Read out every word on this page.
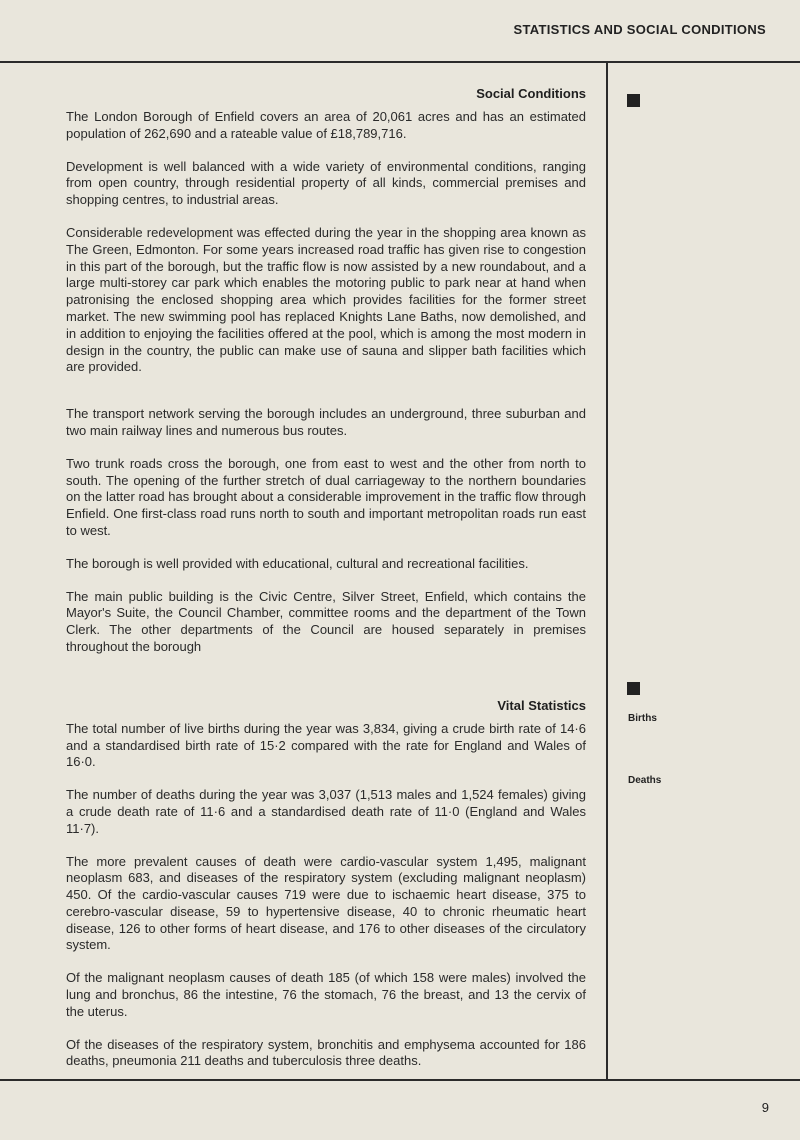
STATISTICS AND SOCIAL CONDITIONS
Social Conditions

The London Borough of Enfield covers an area of 20,061 acres and has an estimated population of 262,690 and a rateable value of £18,789,716.

Development is well balanced with a wide variety of environmental conditions, ranging from open country, through residential property of all kinds, commercial premises and shopping centres, to industrial areas.

Considerable redevelopment was effected during the year in the shopping area known as The Green, Edmonton. For some years increased road traffic has given rise to congestion in this part of the borough, but the traffic flow is now assisted by a new roundabout, and a large multi-storey car park which enables the motoring public to park near at hand when patronising the enclosed shopping area which provides facilities for the former street market. The new swimming pool has replaced Knights Lane Baths, now demolished, and in addition to enjoying the facilities offered at the pool, which is among the most modern in design in the country, the public can make use of sauna and slipper bath facilities which are provided.

The transport network serving the borough includes an underground, three suburban and two main railway lines and numerous bus routes.

Two trunk roads cross the borough, one from east to west and the other from north to south. The opening of the further stretch of dual carriageway to the northern boundaries on the latter road has brought about a considerable improvement in the traffic flow through Enfield. One first-class road runs north to south and important metropolitan roads run east to west.

The borough is well provided with educational, cultural and recreational facilities.

The main public building is the Civic Centre, Silver Street, Enfield, which contains the Mayor's Suite, the Council Chamber, committee rooms and the department of the Town Clerk. The other departments of the Council are housed separately in premises throughout the borough

Vital Statistics

The total number of live births during the year was 3,834, giving a crude birth rate of 14·6 and a standardised birth rate of 15·2 compared with the rate for England and Wales of 16·0.

The number of deaths during the year was 3,037 (1,513 males and 1,524 females) giving a crude death rate of 11·6 and a standardised death rate of 11·0 (England and Wales 11·7).

The more prevalent causes of death were cardio-vascular system 1,495, malignant neoplasm 683, and diseases of the respiratory system (excluding malignant neoplasm) 450. Of the cardio-vascular causes 719 were due to ischaemic heart disease, 375 to cerebro-vascular disease, 59 to hypertensive disease, 40 to chronic rheumatic heart disease, 126 to other forms of heart disease, and 176 to other diseases of the circulatory system.

Of the malignant neoplasm causes of death 185 (of which 158 were males) involved the lung and bronchus, 86 the intestine, 76 the stomach, 76 the breast, and 13 the cervix of the uterus.

Of the diseases of the respiratory system, bronchitis and emphysema accounted for 186 deaths, pneumonia 211 deaths and tuberculosis three deaths.

Births
Deaths
9
